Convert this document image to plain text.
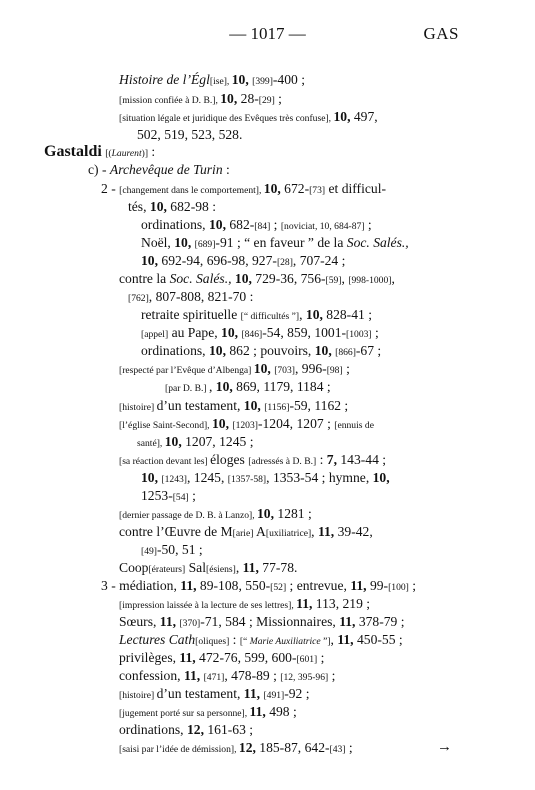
— 1017 —	GAS
Histoire de l’Égl[ise], 10, [399]-400 ;
[mission confiée à D. B.], 10, 28-[29] ;
[situation légale et juridique des Evêques très confuse], 10, 497,
502, 519, 523, 528.
Gastaldi [(Laurent)] :
c) - Archevêque de Turin :
2 - [changement dans le comportement], 10, 672-[73] et difficul-
tés, 10, 682-98 :
ordinations, 10, 682-[84] ; [noviciat, 10, 684-87] ;
Noël, 10, [689]-91 ; “ en faveur ” de la Soc. Salés.,
10, 692-94, 696-98, 927-[28], 707-24 ;
contre la Soc. Salés., 10, 729-36, 756-[59], [998-1000],
[762], 807-808, 821-70 :
retraite spirituelle [“ difficultés ”], 10, 828-41 ;
[appel] au Pape, 10, [846]-54, 859, 1001-[1003] ;
ordinations, 10, 862 ; pouvoirs, 10, [866]-67 ;
[respecté par l’Evêque d’Albenga] 10, [703], 996-[98] ;
[par D. B.] , 10, 869, 1179, 1184 ;
[histoire] d’un testament, 10, [1156]-59, 1162 ;
[l’église Saint-Second], 10, [1203]-1204, 1207 ; [ennuis de
santé], 10, 1207, 1245 ;
[sa réaction devant les] éloges [adressés à D. B.] : 7, 143-44 ;
10, [1243], 1245, [1357-58], 1353-54 ; hymne, 10,
1253-[54] ;
[dernier passage de D. B. à Lanzo], 10, 1281 ;
contre l’Œuvre de M[arie] A[uxiliatrice], 11, 39-42,
[49]-50, 51 ;
Coop[érateurs] Sal[ésiens], 11, 77-78.
3 - médiation, 11, 89-108, 550-[52] ; entrevue, 11, 99-[100] ;
[impression laissée à la lecture de ses lettres], 11, 113, 219 ;
Sœurs, 11, [370]-71, 584 ; Missionnaires, 11, 378-79 ;
Lectures Cath[oliques] : [“ Marie Auxiliatrice ”], 11, 450-55 ;
privilèges, 11, 472-76, 599, 600-[601] ;
confession, 11, [471], 478-89 ; [12, 395-96] ;
[histoire] d’un testament, 11, [491]-92 ;
[jugement porté sur sa personne], 11, 498 ;
ordinations, 12, 161-63 ;
[saisi par l’idée de démission], 12, 185-87, 642-[43] ;	→
